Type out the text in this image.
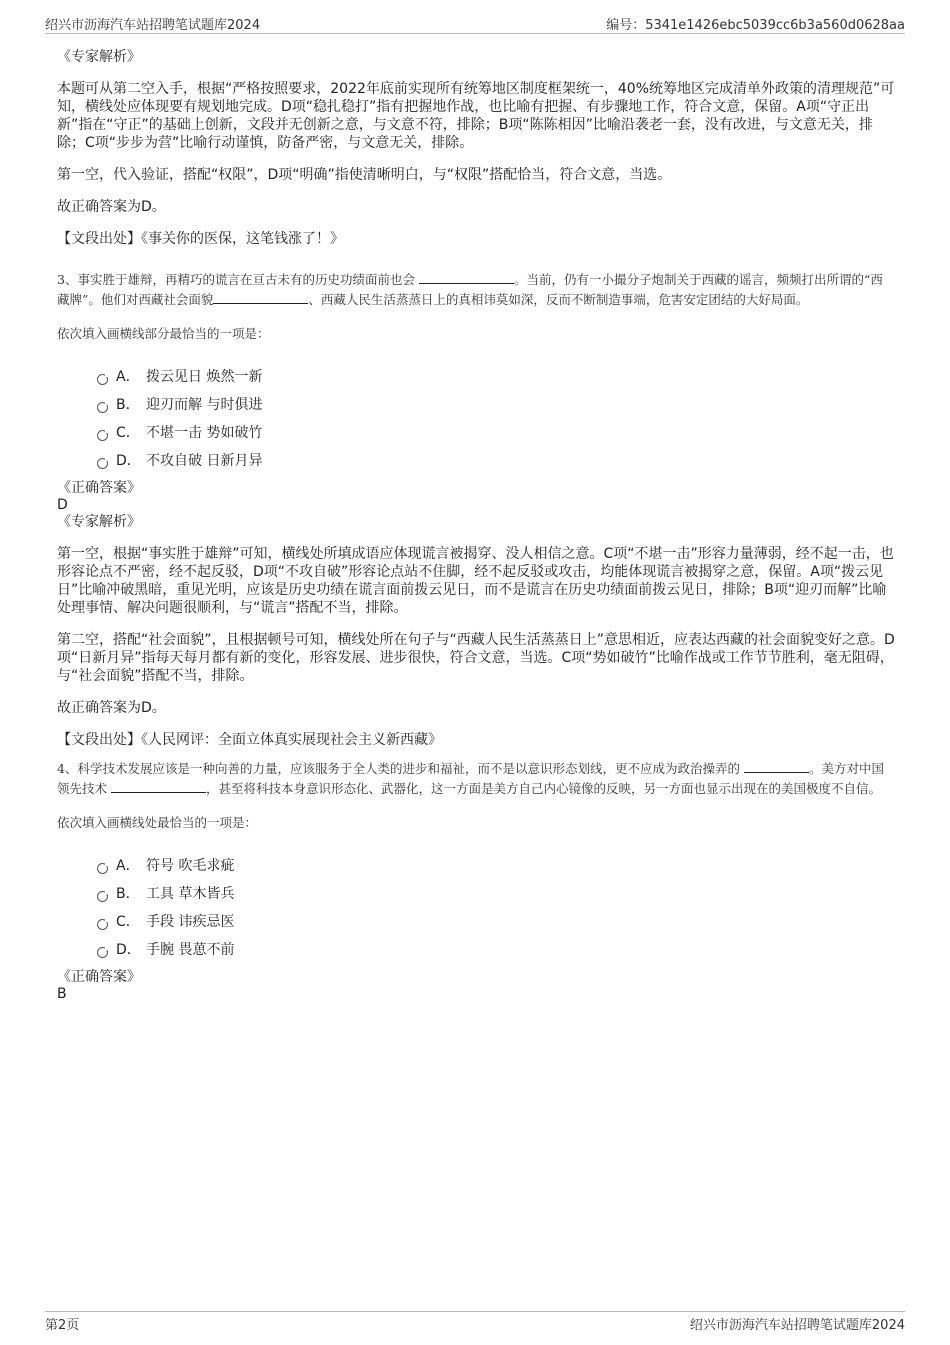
绍兴市沥海汽车站招聘笔试题库2024	编号：5341e1426ebc5039cc6b3a560d0628aa

《专家解析》

本题可从第二空入手，根据“严格按照要求，2022年底前实现所有统筹地区制度框架统一，40%统筹地区完成清单外政策的清理规范”可知，横线处应体现要有规划地完成。D项“稳扎稳打”指有把握地作战，也比喻有把握、有步骤地工作，符合文意，保留。A项“守正出新”指在“守正”的基础上创新，文段并无创新之意，与文意不符，排除；B项“陈陈相因”比喻沿袭老一套，没有改进，与文意无关，排除；C项“步步为营”比喻行动谨慎，防备严密，与文意无关，排除。

第一空，代入验证，搭配“权限”，D项“明确”指使清晰明白，与“权限”搭配恰当，符合文意，当选。

故正确答案为D。

【文段出处】《事关你的医保，这笔钱涨了！》

3、事实胜于雄辩，再精巧的谎言在亘古未有的历史功绩面前也会	。当前，仍有一小撮分子炮制关于西藏的谣言，频频打出所谓的“西藏牌”。他们对西藏社会面貌	、西藏人民生活蒸蒸日上的真相讳莫如深，反而不断制造事端，危害安定团结的大好局面。

依次填入画横线部分最恰当的一项是：

A． 拨云见日 焕然一新
B． 迎刃而解 与时俱进
C． 不堪一击 势如破竹
D． 不攻自破 日新月异

《正确答案》

D

《专家解析》

第一空，根据“事实胜于雄辩”可知，横线处所填成语应体现谎言被揭穿、没人相信之意。C项“不堪一击”形容力量薄弱，经不起一击，也形容论点不严密，经不起反驳，D项“不攻自破”形容论点站不住脚，经不起反驳或攻击，均能体现谎言被揭穿之意，保留。A项“拨云见日”比喻冲破黑暗，重见光明，应该是历史功绩在谎言面前拨云见日，而不是谎言在历史功绩面前拨云见日，排除；B项“迎刃而解”比喻处理事情、解决问题很顺利，与“谎言”搭配不当，排除。

第二空，搭配“社会面貌”，且根据顿号可知，横线处所在句子与“西藏人民生活蒸蒸日上”意思相近，应表达西藏的社会面貌变好之意。D项“日新月异”指每天每月都有新的变化，形容发展、进步很快，符合文意，当选。C项“势如破竹”比喻作战或工作节节胜利，毫无阻碍，与“社会面貌”搭配不当，排除。

故正确答案为D。

【文段出处】《人民网评：全面立体真实展现社会主义新西藏》

4、科学技术发展应该是一种向善的力量，应该服务于全人类的进步和福祉，而不是以意识形态划线，更不应成为政治操弄的	。美方对中国领先技术	，甚至将科技本身意识形态化、武器化，这一方面是美方自己内心镜像的反映，另一方面也显示出现在的美国极度不自信。

依次填入画横线处最恰当的一项是：

A． 符号 吹毛求疵
B． 工具 草木皆兵
C． 手段 讳疾忌医
D． 手腕 畏葸不前

《正确答案》

B

第2页	绍兴市沥海汽车站招聘笔试题库2024
